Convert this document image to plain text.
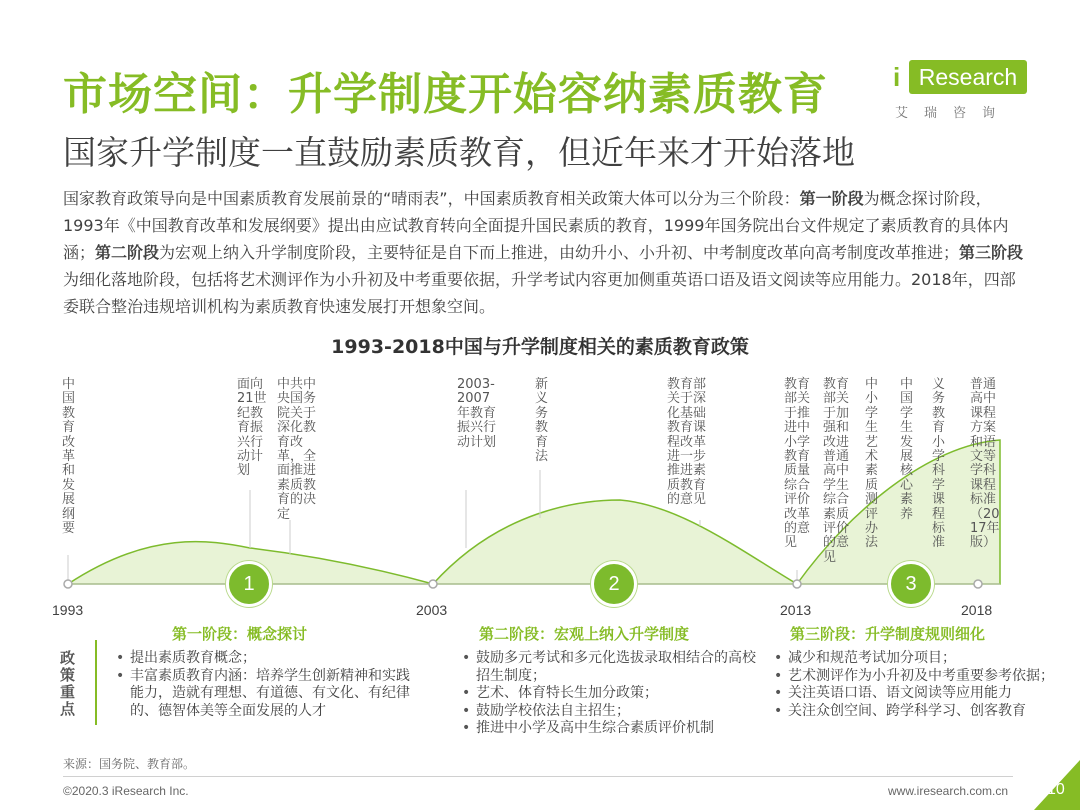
市场空间：升学制度开始容纳素质教育
国家升学制度一直鼓励素质教育，但近年来才开始落地
Research
i
艾瑞咨询
国家教育政策导向是中国素质教育发展前景的“晴雨表”，中国素质教育相关政策大体可以分为三个阶段：第一阶段为概念探讨阶段，1993年《中国教育改革和发展纲要》提出由应试教育转向全面提升国民素质的教育，1999年国务院出台文件规定了素质教育的具体内涵；第二阶段为宏观上纳入升学制度阶段，主要特征是自下而上推进，由幼升小、小升初、中考制度改革向高考制度改革推进；第三阶段为细化落地阶段，包括将艺术测评作为小升初及中考重要依据，升学考试内容更加侧重英语口语及语文阅读等应用能力。2018年，四部委联合整治违规培训机构为素质教育快速发展打开想象空间。
1993-2018中国与升学制度相关的素质教育政策
1	2	3
1993	2003	2013	2018
中国教育改革和发展纲要
面向21世纪教育振兴行动计划
中共中央国务院关于深化教育改革，全面推进素质教育的决定
2003-2007年教育振兴行动计划
新义务教育法
教育部关于深化基础教育课程改革进一步推进素质教育的意见
教育部关于推进中小学教育质量综合评价改革的意见
教育部关于加强和改进普通高中学生综合素质评价的意见
中小学生艺术素质测评办法
中国学生发展核心素养
义务教育小学科学课程标准
普通高中课程方案和语文等学科课程标准（2017年版）
第一阶段：概念探讨	第二阶段：宏观上纳入升学制度	第三阶段：升学制度规则细化
政策重点
• 提出素质教育概念；
• 丰富素质教育内涵：培养学生创新精神和实践能力，造就有理想、有道德、有文化、有纪律的、德智体美等全面发展的人才
• 鼓励多元考试和多元化选拔录取相结合的高校招生制度；
• 艺术、体育特长生加分政策；
• 鼓励学校依法自主招生；
• 推进中小学及高中生综合素质评价机制
• 减少和规范考试加分项目；
• 艺术测评作为小升初及中考重要参考依据；
• 关注英语口语、语文阅读等应用能力
• 关注众创空间、跨学科学习、创客教育
来源：国务院、教育部。
©2020.3 iResearch Inc.	www.iresearch.com.cn 10
